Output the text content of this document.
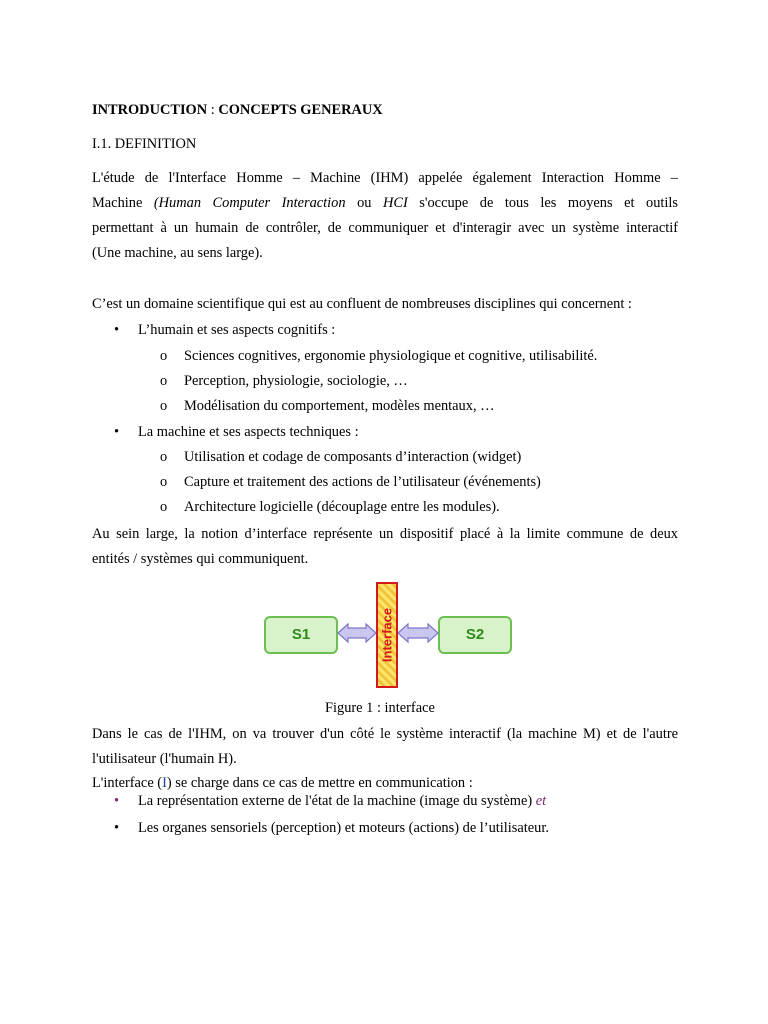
INTRODUCTION : CONCEPTS GENERAUX
I.1. DEFINITION
L'étude de l'Interface Homme – Machine (IHM) appelée également Interaction Homme –
Machine (Human Computer Interaction ou HCI s'occupe de tous les moyens et outils
permettant à un humain de contrôler, de communiquer et d'interagir avec un système interactif
(Une machine, au sens large).
C’est un domaine scientifique qui est au confluent de nombreuses disciplines qui concernent :
• L’humain et ses aspects cognitifs :
o Sciences cognitives, ergonomie physiologique et cognitive, utilisabilité.
o Perception, physiologie, sociologie, …
o Modélisation du comportement, modèles mentaux, …
• La machine et ses aspects techniques :
o Utilisation et codage de composants d’interaction (widget)
o Capture et traitement des actions de l’utilisateur (événements)
o Architecture logicielle (découplage entre les modules).
Au sein large, la notion d’interface représente un dispositif placé à la limite commune de deux
entités / systèmes qui communiquent.
Figure 1 : interface
Dans le cas de l'IHM, on va trouver d'un côté le système interactif (la machine M) et de l'autre
l'utilisateur (l'humain H).
L'interface (I) se charge dans ce cas de mettre en communication :
• La représentation externe de l'état de la machine (image du système) et
• Les organes sensoriels (perception) et moteurs (actions) de l’utilisateur.
S1	S2
Interface
